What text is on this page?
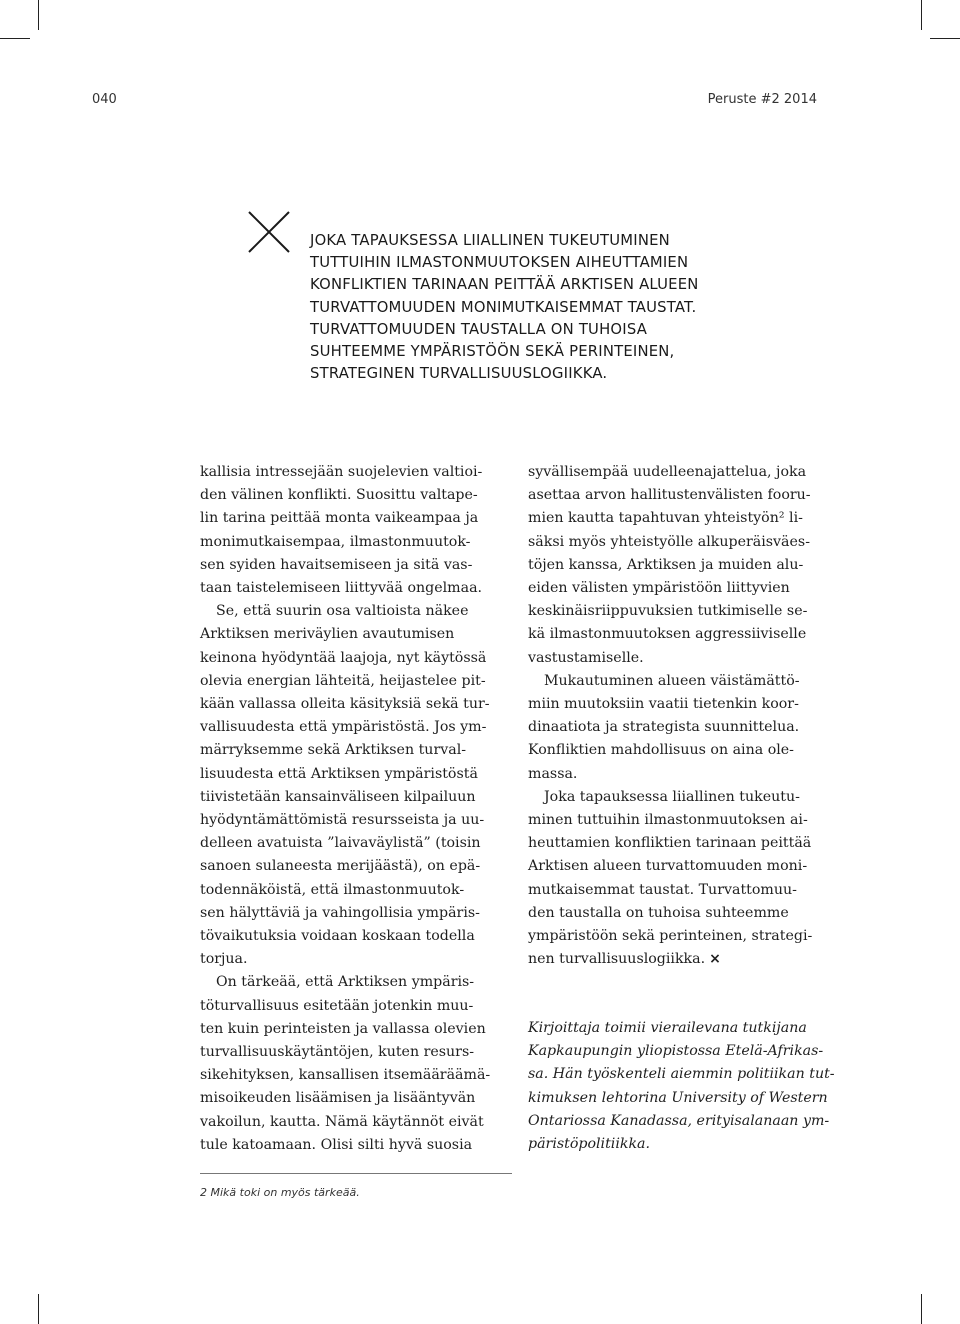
040	Peruste #2 2014
JOKA TAPAUKSESSA LIIALLINEN TUKEUTUMINEN
TUTTUIHIN ILMASTONMUUTOKSEN AIHEUTTAMIEN
KONFLIKTIEN TARINAAN PEITTÄÄ ARKTISEN ALUEEN
TURVATTOMUUDEN MONIMUTKAISEMMAT TAUSTAT.
TURVATTOMUUDEN TAUSTALLA ON TUHOISA
SUHTEEMME YMPÄRISTÖÖN SEKÄ PERINTEINEN,
STRATEGINEN TURVALLISUUSLOGIIKKA.
kallisia intressejään suojelevien valtioi-
den välinen konflikti. Suosittu valtape-
lin tarina peittää monta vaikeampaa ja
monimutkaisempaa, ilmastonmuutok-
sen syiden havaitsemiseen ja sitä vas-
taan taistelemiseen liittyvää ongelmaa.
Se, että suurin osa valtioista näkee
Arktiksen meriväylien avautumisen
keinona hyödyntää laajoja, nyt käytössä
olevia energian lähteitä, heijastelee pit-
kään vallassa olleita käsityksiä sekä tur-
vallisuudesta että ympäristöstä. Jos ym-
märryksemme sekä Arktiksen turval-
lisuudesta että Arktiksen ympäristöstä
tiivistetään kansainväliseen kilpailuun
hyödyntämättömistä resursseista ja uu-
delleen avatuista ”laivaväylistä” (toisin
sanoen sulaneesta merijäästä), on epä-
todennäköistä, että ilmastonmuutok-
sen hälyttäviä ja vahingollisia ympäris-
tövaikutuksia voidaan koskaan todella
torjua.
On tärkeää, että Arktiksen ympäris-
töturvallisuus esitetään jotenkin muu-
ten kuin perinteisten ja vallassa olevien
turvallisuuskäytäntöjen, kuten resurs-
sikehityksen, kansallisen itsemääräämä-
misoikeuden lisäämisen ja lisääntyvän
vakoilun, kautta. Nämä käytännöt eivät
tule katoamaan. Olisi silti hyvä suosia
syvällisempää uudelleenajattelua, joka
asettaa arvon hallitustenvälisten fooru-
mien kautta tapahtuvan yhteistyön² li-
säksi myös yhteistyölle alkuperäisväes-
töjen kanssa, Arktiksen ja muiden alu-
eiden välisten ympäristöön liittyvien
keskinäisriippuvuksien tutkimiselle se-
kä ilmastonmuutoksen aggressiiviselle
vastustamiselle.
Mukautuminen alueen väistämättö-
miin muutoksiin vaatii tietenkin koor-
dinaatiota ja strategista suunnittelua.
Konfliktien mahdollisuus on aina ole-
massa.
Joka tapauksessa liiallinen tukeutu-
minen tuttuihin ilmastonmuutoksen ai-
heuttamien konfliktien tarinaan peittää
Arktisen alueen turvattomuuden moni-
mutkaisemmat taustat. Turvattomuu-
den taustalla on tuhoisa suhteemme
ympäristöön sekä perinteinen, strategi-
nen turvallisuuslogiikka. ×
Kirjoittaja toimii vierailevana tutkijana
Kapkaupungin yliopistossa Etelä-Afrikas-
sa. Hän työskenteli aiemmin politiikan tut-
kimuksen lehtorina University of Western
Ontariossa Kanadassa, erityisalanaan ym-
päristöpolitiikka.
2 Mikä toki on myös tärkeää.
